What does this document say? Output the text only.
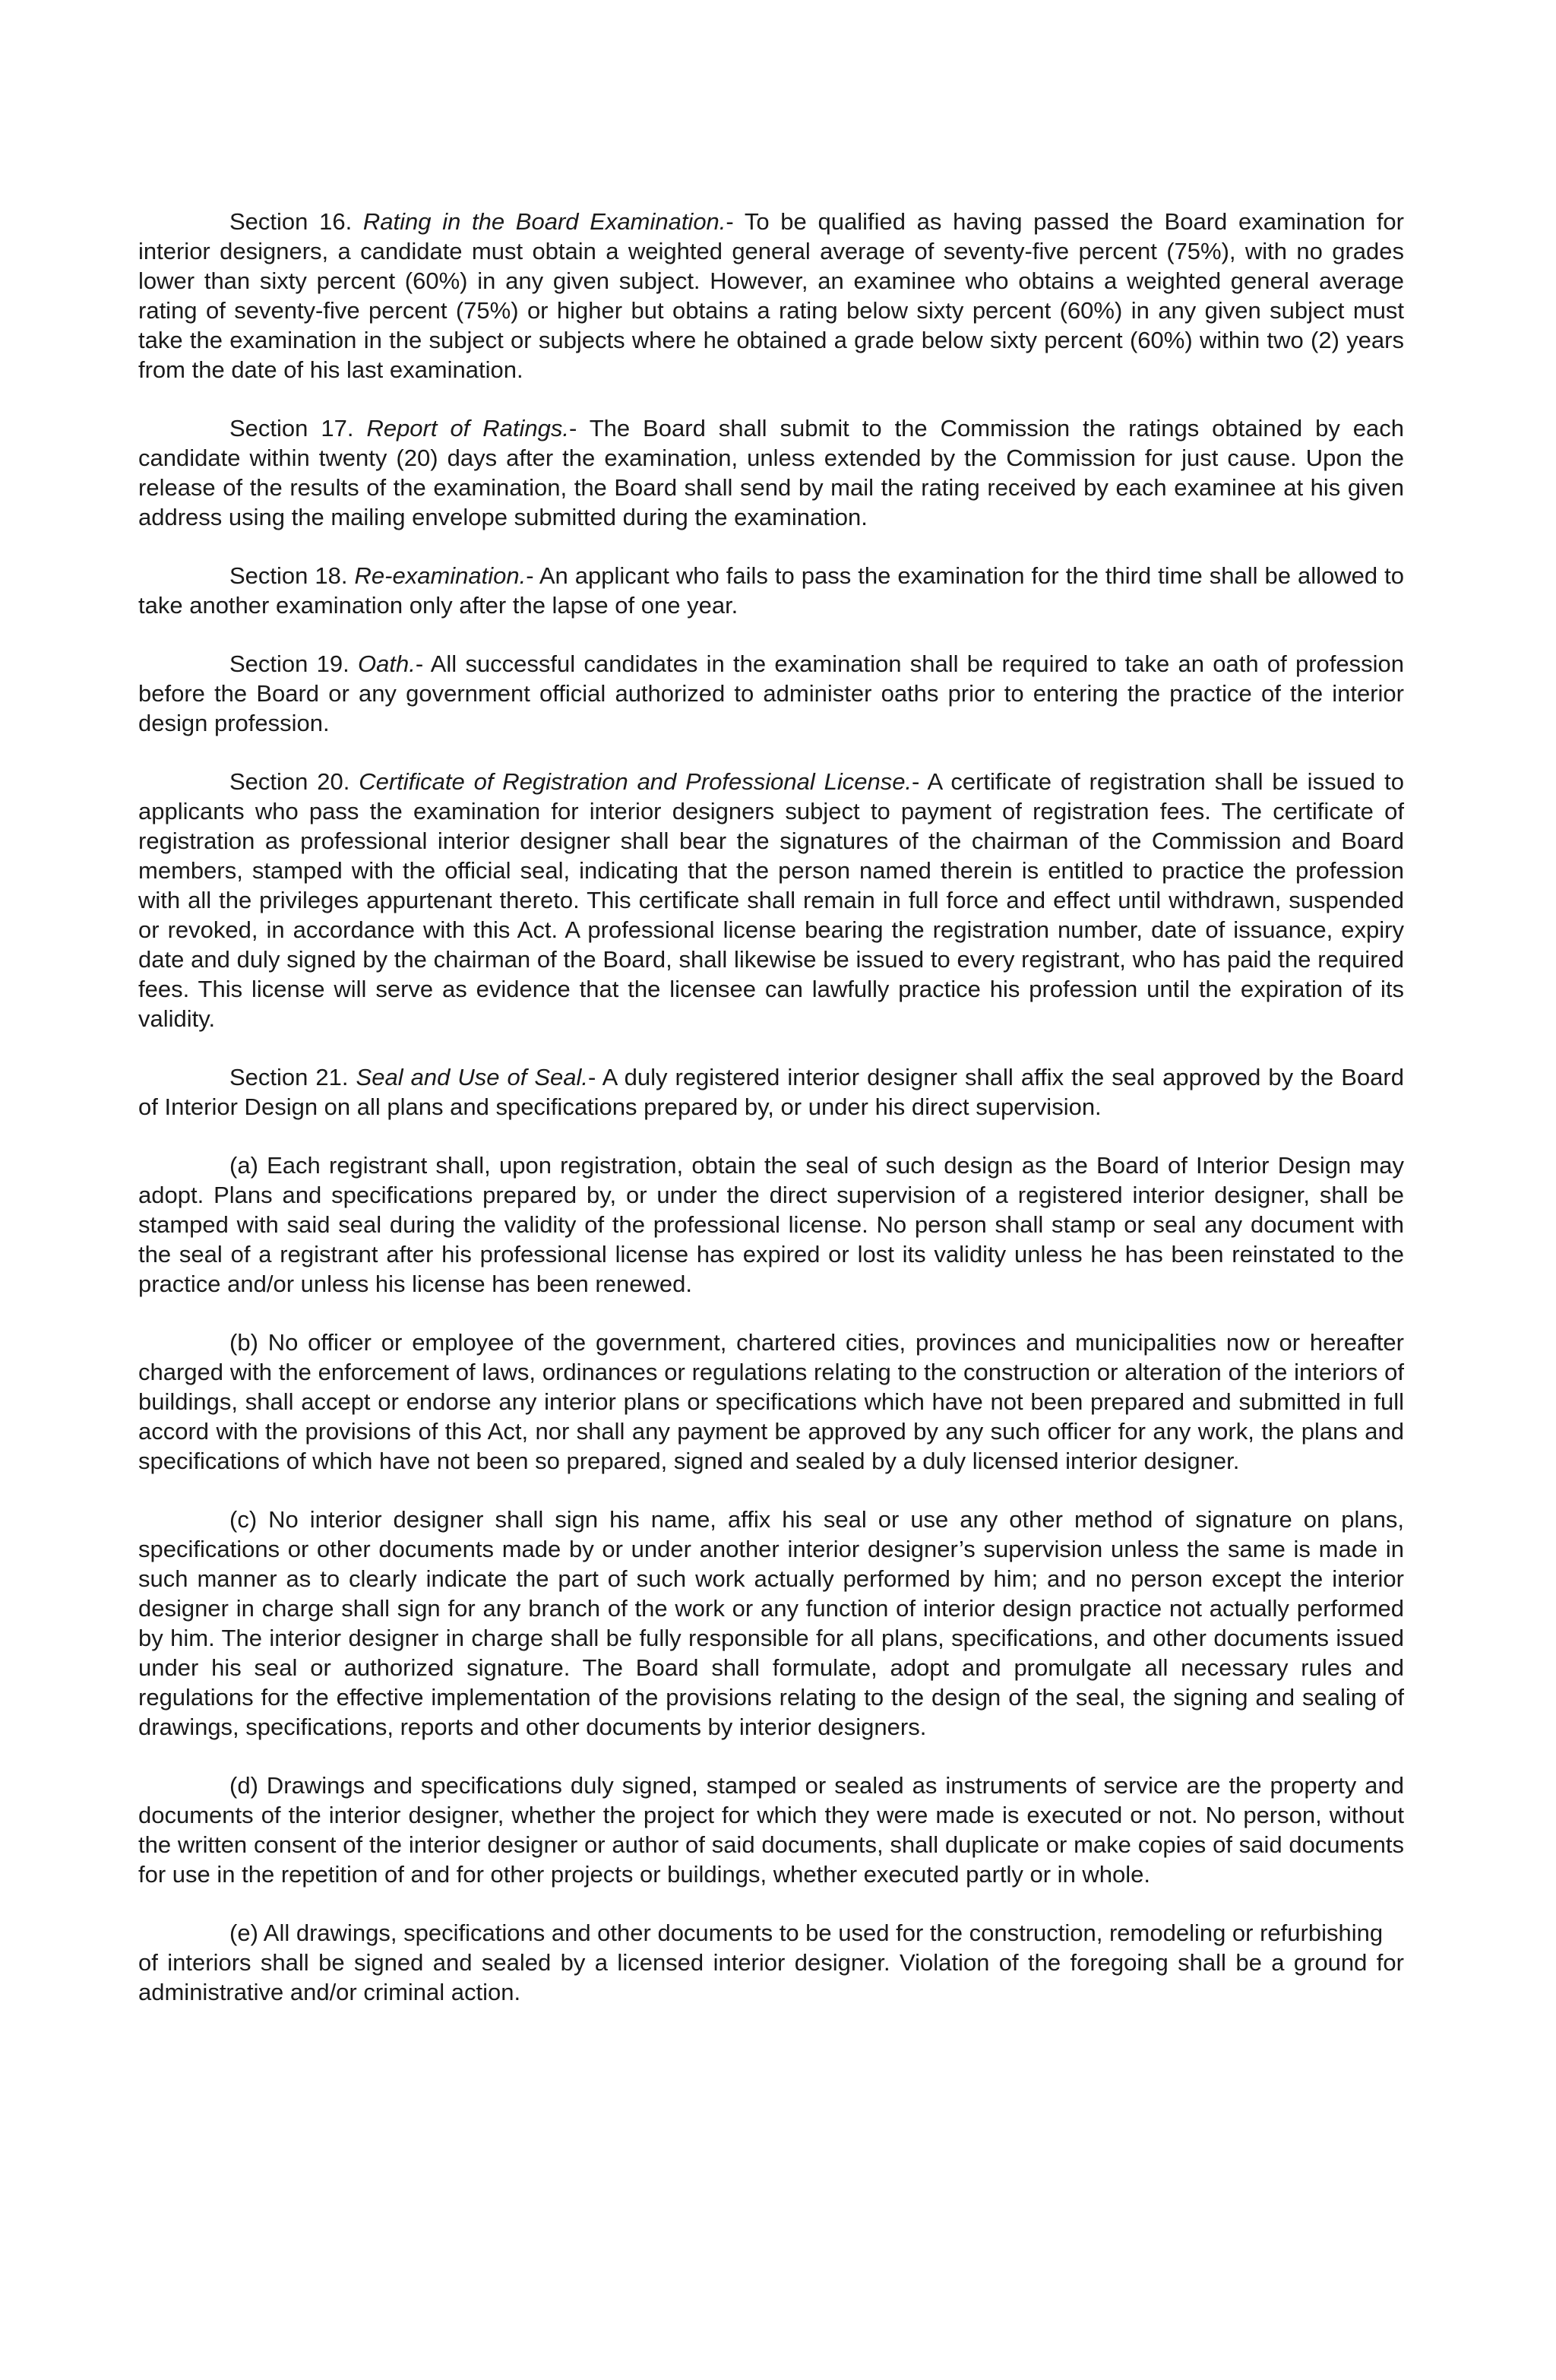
Section 16. Rating in the Board Examination.- To be qualified as having passed the Board examination for interior designers, a candidate must obtain a weighted general average of seventy-five percent (75%), with no grades lower than sixty percent (60%) in any given subject. However, an examinee who obtains a weighted general average rating of seventy-five percent (75%) or higher but obtains a rating below sixty percent (60%) in any given subject must take the examination in the subject or subjects where he obtained a grade below sixty percent (60%) within two (2) years from the date of his last examination.

Section 17. Report of Ratings.- The Board shall submit to the Commission the ratings obtained by each candidate within twenty (20) days after the examination, unless extended by the Commission for just cause. Upon the release of the results of the examination, the Board shall send by mail the rating received by each examinee at his given address using the mailing envelope submitted during the examination.

Section 18. Re-examination.- An applicant who fails to pass the examination for the third time shall be allowed to take another examination only after the lapse of one year.

Section 19. Oath.- All successful candidates in the examination shall be required to take an oath of profession before the Board or any government official authorized to administer oaths prior to entering the practice of the interior design profession.

Section 20. Certificate of Registration and Professional License.- A certificate of registration shall be issued to applicants who pass the examination for interior designers subject to payment of registration fees. The certificate of registration as professional interior designer shall bear the signatures of the chairman of the Commission and Board members, stamped with the official seal, indicating that the person named therein is entitled to practice the profession with all the privileges appurtenant thereto. This certificate shall remain in full force and effect until withdrawn, suspended or revoked, in accordance with this Act. A professional license bearing the registration number, date of issuance, expiry date and duly signed by the chairman of the Board, shall likewise be issued to every registrant, who has paid the required fees. This license will serve as evidence that the licensee can lawfully practice his profession until the expiration of its validity.

Section 21. Seal and Use of Seal.- A duly registered interior designer shall affix the seal approved by the Board of Interior Design on all plans and specifications prepared by, or under his direct supervision.

(a) Each registrant shall, upon registration, obtain the seal of such design as the Board of Interior Design may adopt. Plans and specifications prepared by, or under the direct supervision of a registered interior designer, shall be stamped with said seal during the validity of the professional license. No person shall stamp or seal any document with the seal of a registrant after his professional license has expired or lost its validity unless he has been reinstated to the practice and/or unless his license has been renewed.

(b) No officer or employee of the government, chartered cities, provinces and municipalities now or hereafter charged with the enforcement of laws, ordinances or regulations relating to the construction or alteration of the interiors of buildings, shall accept or endorse any interior plans or specifications which have not been prepared and submitted in full accord with the provisions of this Act, nor shall any payment be approved by any such officer for any work, the plans and specifications of which have not been so prepared, signed and sealed by a duly licensed interior designer.

(c) No interior designer shall sign his name, affix his seal or use any other method of signature on plans, specifications or other documents made by or under another interior designer’s supervision unless the same is made in such manner as to clearly indicate the part of such work actually performed by him; and no person except the interior designer in charge shall sign for any branch of the work or any function of interior design practice not actually performed by him. The interior designer in charge shall be fully responsible for all plans, specifications, and other documents issued under his seal or authorized signature. The Board shall formulate, adopt and promulgate all necessary rules and regulations for the effective implementation of the provisions relating to the design of the seal, the signing and sealing of drawings, specifications, reports and other documents by interior designers.

(d) Drawings and specifications duly signed, stamped or sealed as instruments of service are the property and documents of the interior designer, whether the project for which they were made is executed or not. No person, without the written consent of the interior designer or author of said documents, shall duplicate or make copies of said documents for use in the repetition of and for other projects or buildings, whether executed partly or in whole.

(e) All drawings, specifications and other documents to be used for the construction, remodeling or refurbishing

of interiors shall be signed and sealed by a licensed interior designer. Violation of the foregoing shall be a ground for administrative and/or criminal action.
